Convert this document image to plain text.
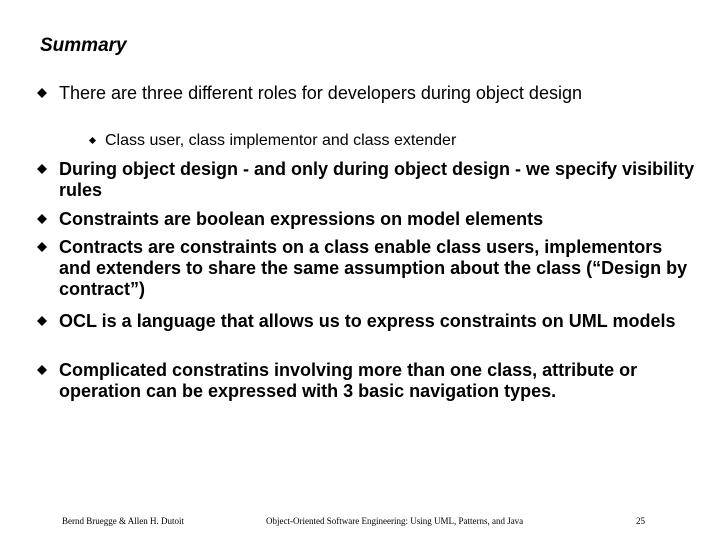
Summary
There are three different roles for developers during object design
Class user, class implementor and class extender
During object design - and only during object design - we specify visibility rules
Constraints are boolean expressions on model elements
Contracts are constraints on a class enable class users, implementors and extenders to share the same assumption about the class (“Design by contract”)
OCL is a language that allows us to express constraints on UML models
Complicated constratins involving more than one class, attribute or operation can be expressed with 3 basic navigation types.
Bernd Bruegge & Allen H. Dutoit	Object-Oriented Software Engineering: Using UML, Patterns, and Java	25
